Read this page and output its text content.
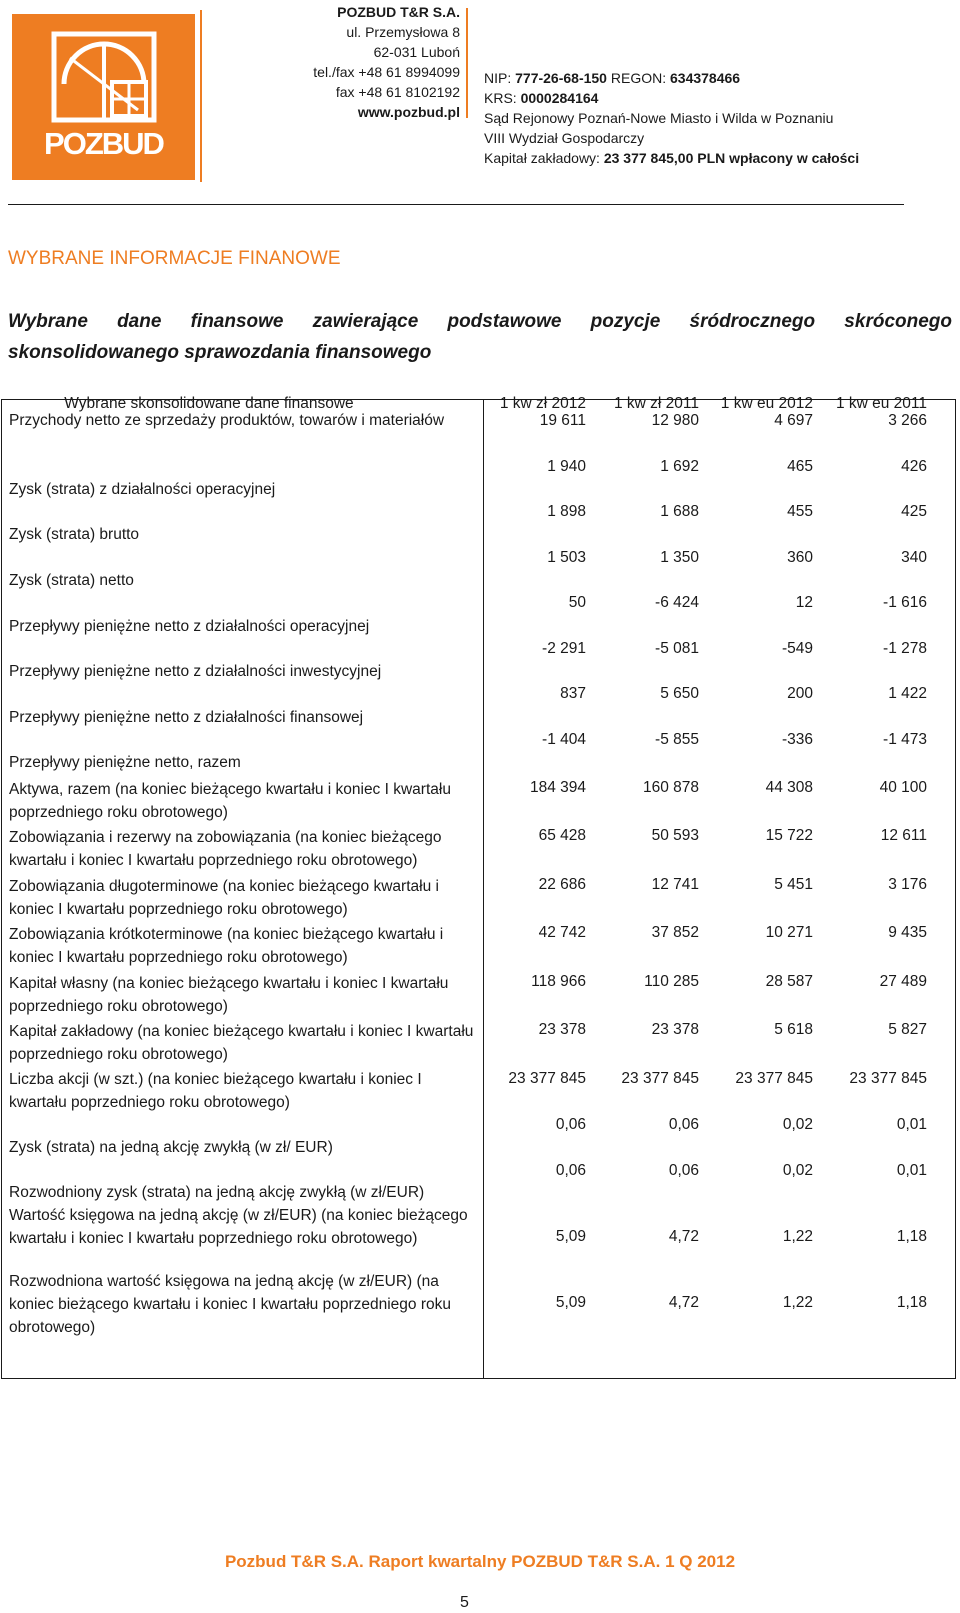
POZBUD
POZBUD T&R S.A.
ul. Przemysłowa 8
62-031 Luboń
tel./fax +48 61 8994099
fax +48 61 8102192
www.pozbud.pl
NIP: 777-26-68-150 REGON: 634378466
KRS: 0000284164
Sąd Rejonowy Poznań-Nowe Miasto i Wilda w Poznaniu
VIII Wydział Gospodarczy
Kapitał zakładowy: 23 377 845,00 PLN wpłacony w całości
WYBRANE INFORMACJE FINANOWE
Wybrane dane finansowe zawierające podstawowe pozycje śródrocznego skróconego
skonsolidowanego sprawozdania finansowego
Wybrane skonsolidowane dane finansowe	1 kw zł 2012	1 kw zł 2011	1 kw eu 2012	1 kw eu 2011
Przychody netto ze sprzedaży produktów, towarów i materiałów	19 611	12 980	4 697	3 266
Zysk (strata) z działalności operacyjnej
1 940	1 692	465	426
Zysk (strata) brutto
1 898	1 688	455	425
Zysk (strata) netto
1 503	1 350	360	340
Przepływy pieniężne netto z działalności operacyjnej
50	-6 424	12	-1 616
Przepływy pieniężne netto z działalności inwestycyjnej
-2 291	-5 081	-549	-1 278
Przepływy pieniężne netto z działalności finansowej
837	5 650	200	1 422
Przepływy pieniężne netto, razem
-1 404	-5 855	-336	-1 473
Aktywa, razem (na koniec bieżącego kwartału i koniec I kwartału poprzedniego roku obrotowego)
184 394	160 878	44 308	40 100
Zobowiązania i rezerwy na zobowiązania (na koniec bieżącego kwartału i koniec I kwartału poprzedniego roku obrotowego)
65 428	50 593	15 722	12 611
Zobowiązania długoterminowe (na koniec bieżącego kwartału i koniec I kwartału poprzedniego roku obrotowego)
22 686	12 741	5 451	3 176
Zobowiązania krótkoterminowe (na koniec bieżącego kwartału i koniec I kwartału poprzedniego roku obrotowego)
42 742	37 852	10 271	9 435
Kapitał własny (na koniec bieżącego kwartału i koniec I kwartału poprzedniego roku obrotowego)
118 966	110 285	28 587	27 489
Kapitał zakładowy (na koniec bieżącego kwartału i koniec I kwartału poprzedniego roku obrotowego)
23 378	23 378	5 618	5 827
Liczba akcji (w szt.) (na koniec bieżącego kwartału i koniec I kwartału poprzedniego roku obrotowego)
23 377 845	23 377 845	23 377 845	23 377 845
Zysk (strata) na jedną akcję zwykłą (w zł/ EUR)
0,06	0,06	0,02	0,01
Rozwodniony zysk (strata) na jedną akcję zwykłą (w zł/EUR)
0,06	0,06	0,02	0,01
Wartość księgowa na jedną akcję (w zł/EUR) (na koniec bieżącego kwartału i koniec I kwartału poprzedniego roku obrotowego)	5,09	4,72	1,22	1,18
Rozwodniona wartość księgowa na jedną akcję (w zł/EUR) (na koniec bieżącego kwartału i koniec I kwartału poprzedniego roku obrotowego)
5,09	4,72	1,22	1,18
Pozbud T&R S.A. Raport kwartalny POZBUD T&R S.A. 1 Q 2012
5
